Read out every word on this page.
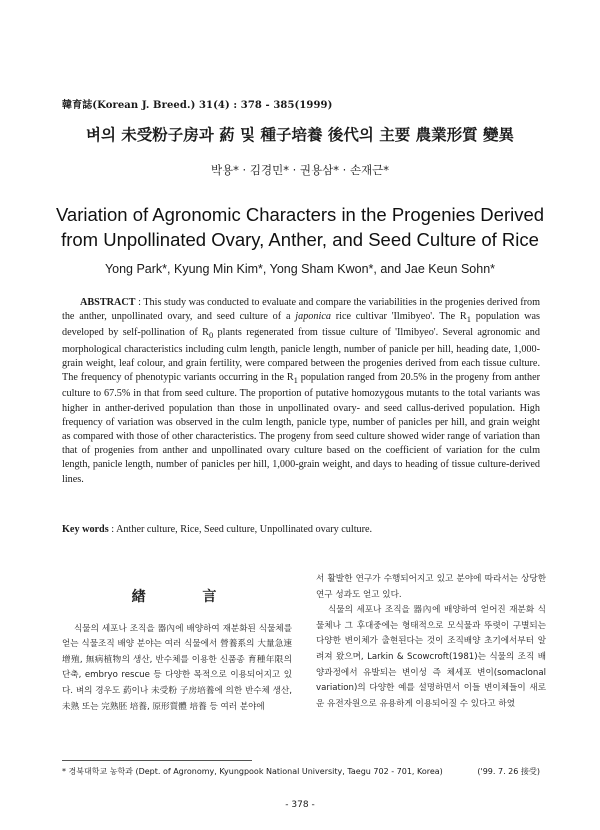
韓育誌(Korean J. Breed.) 31(4) : 378 - 385(1999)
벼의 未受粉子房과 葯 및 種子培養 後代의 主要 農業形質 變異
박용* · 김경민* · 권용삼* · 손재근*
Variation of Agronomic Characters in the Progenies Derived
from Unpollinated Ovary, Anther, and Seed Culture of Rice
Yong Park*, Kyung Min Kim*, Yong Sham Kwon*, and Jae Keun Sohn*
ABSTRACT : This study was conducted to evaluate and compare the variabilities in the progenies derived from the anther, unpollinated ovary, and seed culture of a japonica rice cultivar 'Ilmibyeo'. The $R_1$ population was developed by self-pollination of $R_0$ plants regenerated from tissue culture of 'Ilmibyeo'. Several agronomic and morphological characteristics including culm length, panicle length, number of panicle per hill, heading date, 1,000-grain weight, leaf colour, and grain fertility, were compared between the progenies derived from each tissue culture. The frequency of phenotypic variants occurring in the $R_1$ population ranged from 20.5% in the progeny from anther culture to 67.5% in that from seed culture. The proportion of putative homozygous mutants to the total variants was higher in anther-derived population than those in unpollinated ovary- and seed callus-derived population. High frequency of variation was observed in the culm length, panicle type, number of panicles per hill, and grain weight as compared with those of other characteristics. The progeny from seed culture showed wider range of variation than that of progenies from anther and unpollinated ovary culture based on the coefficient of variation for the culm length, panicle length, number of panicles per hill, 1,000-grain weight, and days to heading of tissue culture-derived lines.
Key words : Anther culture, Rice, Seed culture, Unpollinated ovary culture.
緖 言

식물의 세포나 조직을 器內에 배양하여 재분화된 식물체를 얻는 식물조직 배양 분야는 여러 식물에서 營養系의 大量急速增殖, 無病植物의 생산, 반수체를 이용한 신품종 育種年限의 단축, embryo rescue 등 다양한 목적으로 이용되어지고 있다. 벼의 경우도 葯이나 未受粉 子房培養에 의한 반수체 생산, 未熟 또는 完熟胚 培養, 原形質體 培養 등 여러 분야에

서 활발한 연구가 수행되어지고 있고 분야에 따라서는 상당한 연구 성과도 얻고 있다.

식물의 세포나 조직을 器內에 배양하여 얻어진 재분화 식물체나 그 후대중에는 형태적으로 모식물과 뚜렷이 구별되는 다양한 변이체가 출현된다는 것이 조직배양 초기에서부터 알려져 왔으며, Larkin & Scowcroft(1981)는 식물의 조직 배양과정에서 유발되는 변이성 즉 체세포 변이(somaclonal variation)의 다양한 예를 설명하면서 이들 변이체들이 새로운 유전자원으로 유용하게 이용되어질 수 있다고 하였

* 경북대학교 농학과 (Dept. of Agronomy, Kyungpook National University, Taegu 702 - 701, Korea)	('99. 7. 26 接受)
- 378 -
